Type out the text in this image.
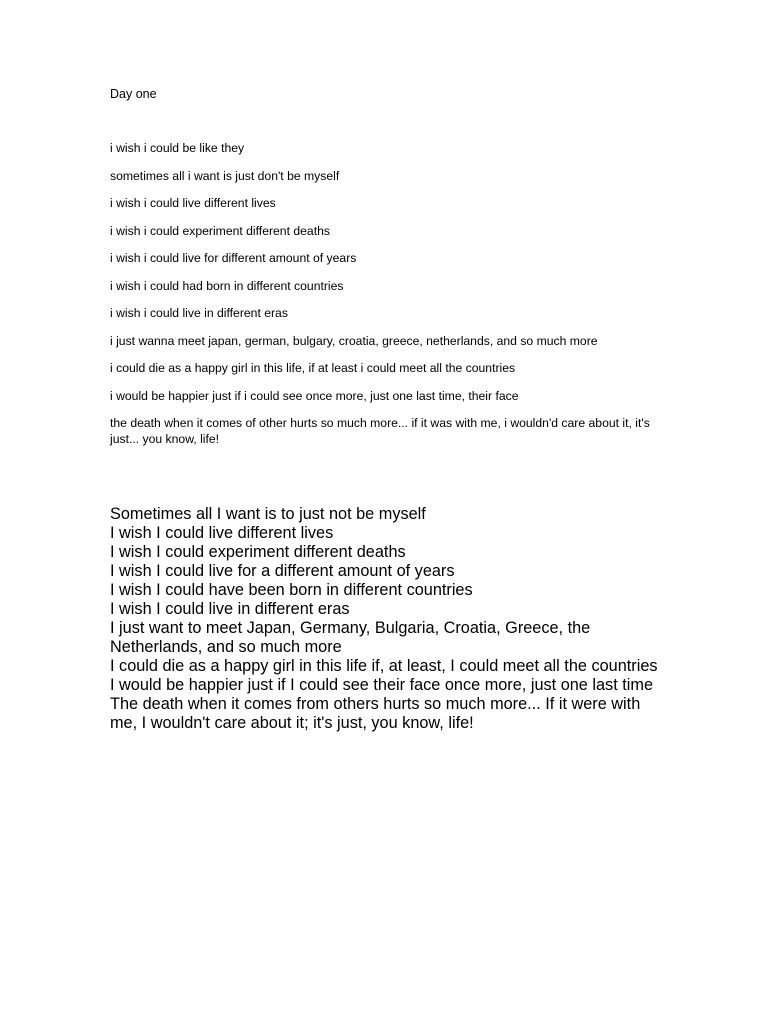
Day one

i wish i could be like they

sometimes all i want is just don't be myself

i wish i could live different lives

i wish i could experiment different deaths

i wish i could live for different amount of years

i wish i could had born in different countries

i wish i could live in different eras

i just wanna meet japan, german, bulgary, croatia, greece, netherlands, and so much more

i could die as a happy girl in this life, if at least i could meet all the countries

i would be happier just if i could see once more, just one last time, their face

the death when it comes of other hurts so much more... if it was with me, i wouldn'd care about it, it's just... you know, life!

Sometimes all I want is to just not be myself

I wish I could live different lives

I wish I could experiment different deaths

I wish I could live for a different amount of years

I wish I could have been born in different countries

I wish I could live in different eras

I just want to meet Japan, Germany, Bulgaria, Croatia, Greece, the Netherlands, and so much more

I could die as a happy girl in this life if, at least, I could meet all the countries

I would be happier just if I could see their face once more, just one last time

The death when it comes from others hurts so much more... If it were with me, I wouldn't care about it; it's just, you know, life!
